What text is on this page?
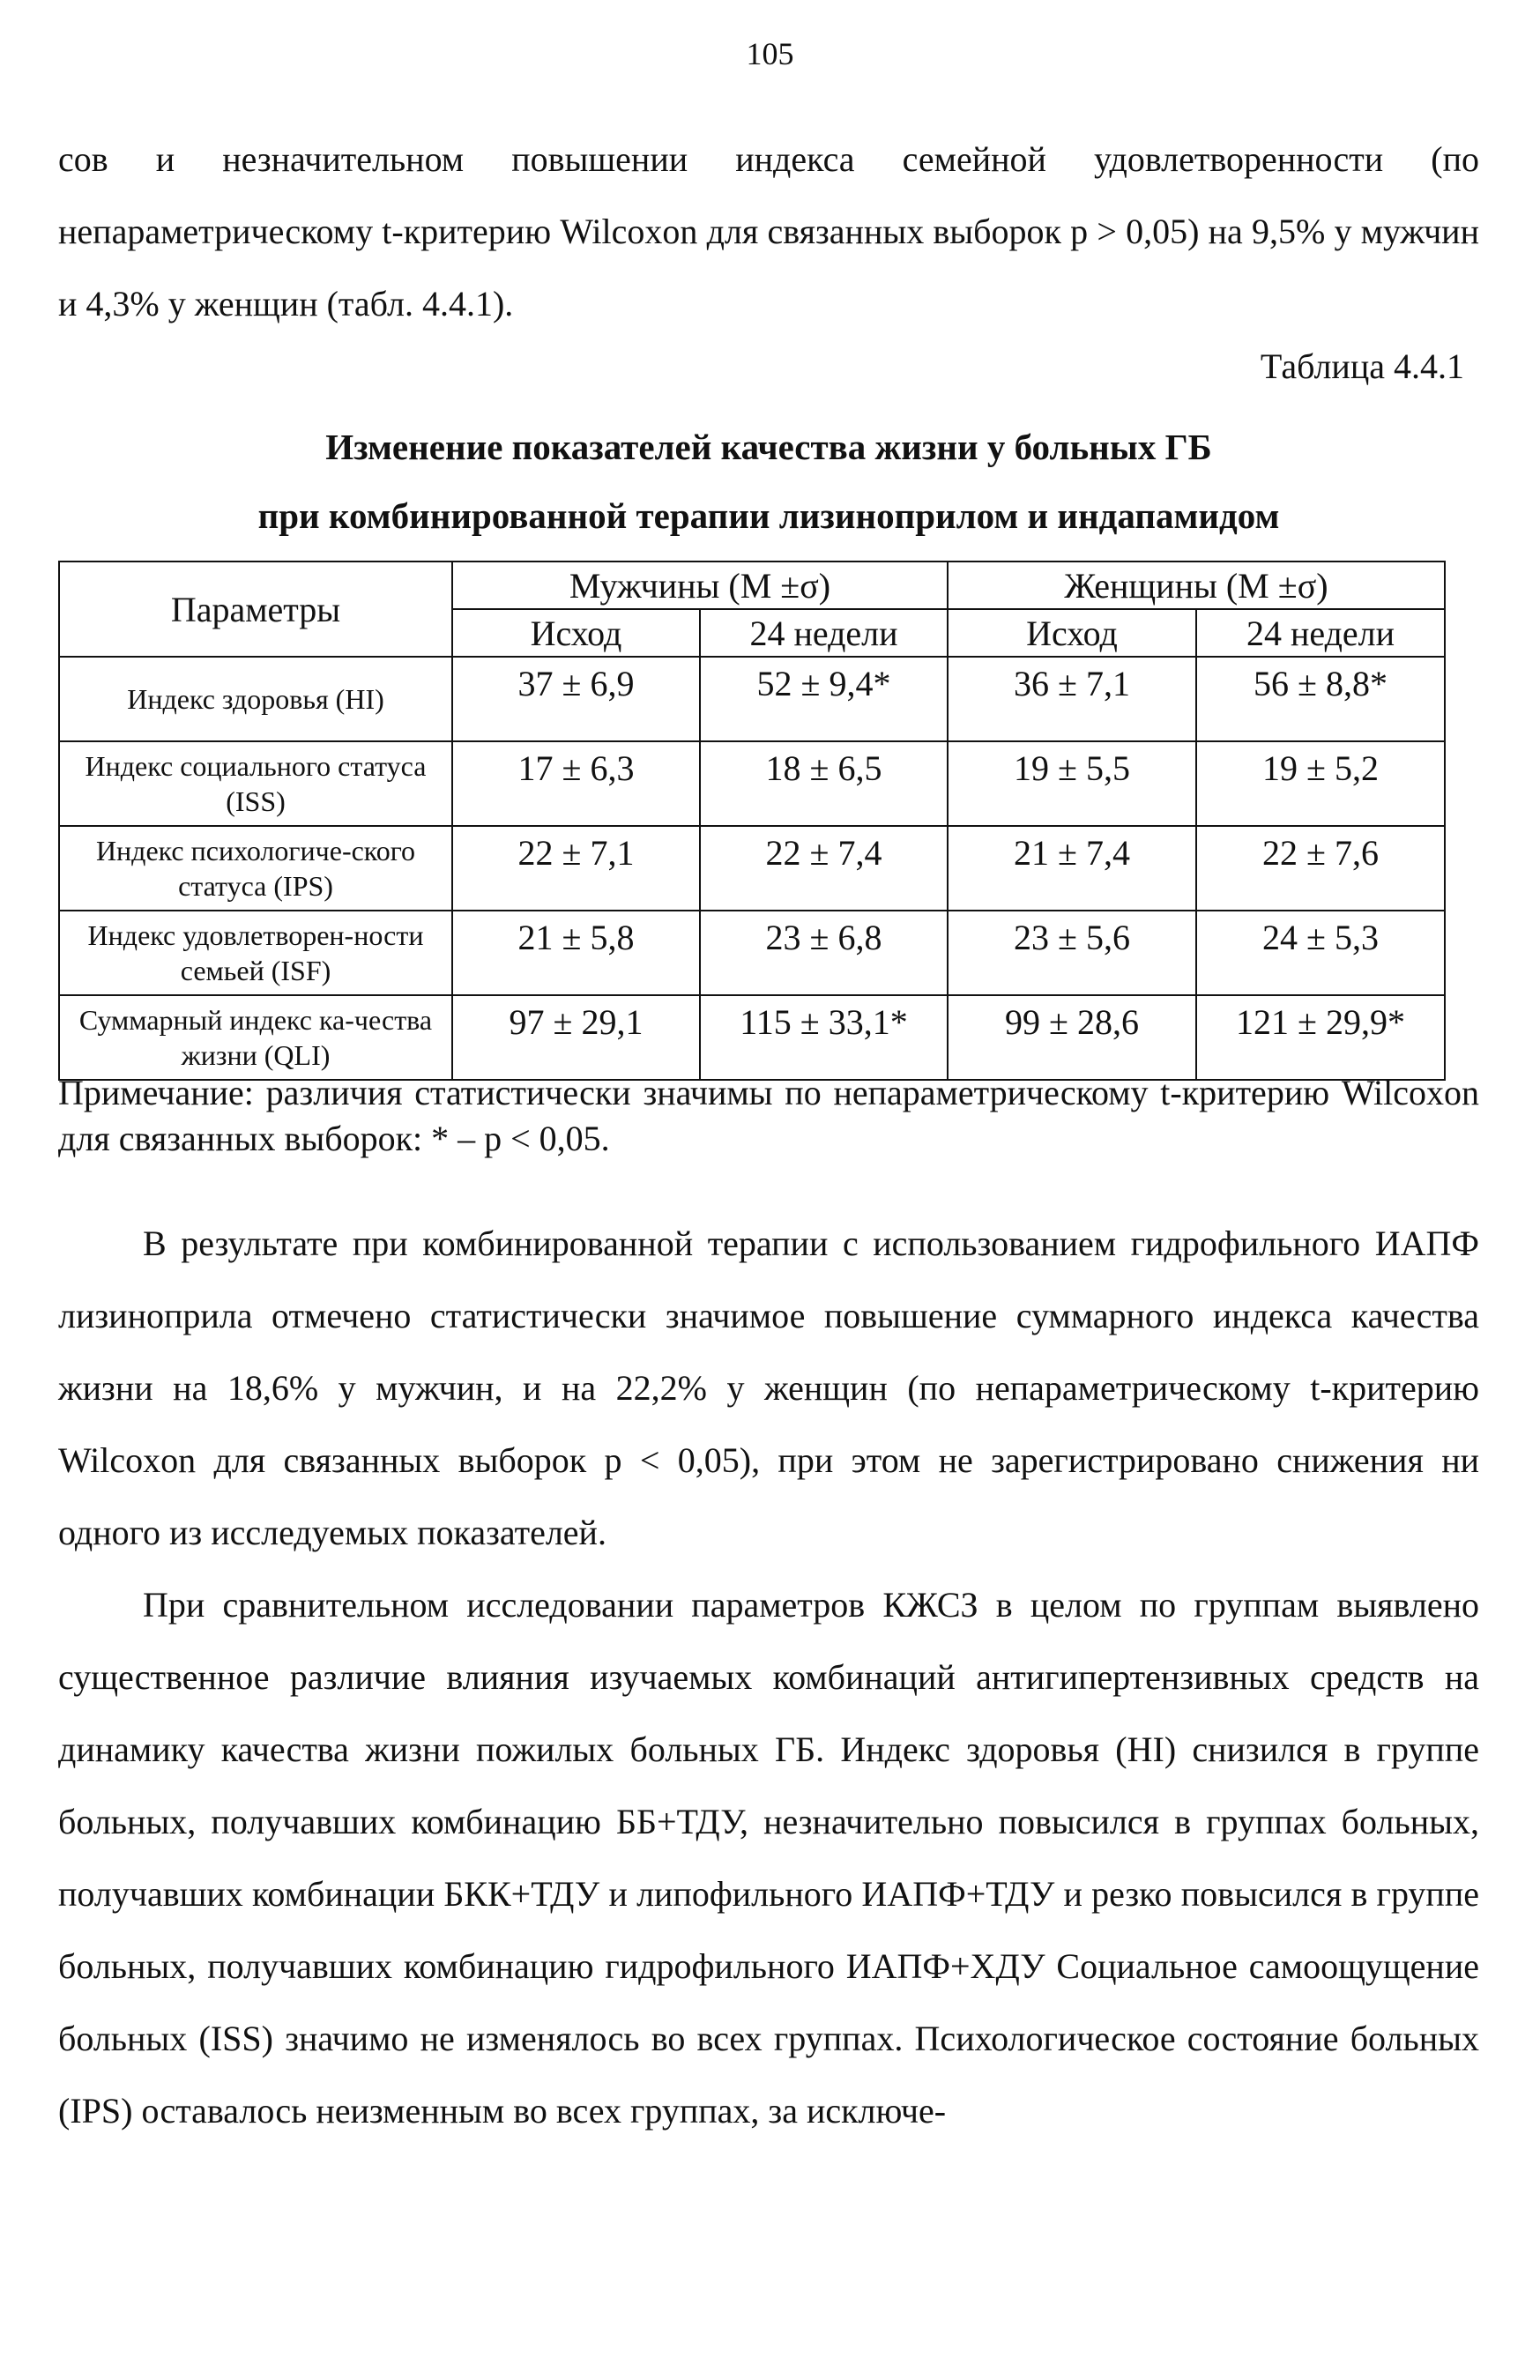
105

сов и незначительном повышении индекса семейной удовлетворенности (по непараметрическому t-критерию Wilcoxon для связанных выборок p > 0,05) на 9,5% у мужчин и 4,3% у женщин (табл. 4.4.1).

Таблица 4.4.1
Изменение показателей качества жизни у больных ГБ
при комбинированной терапии лизиноприлом и индапамидом
Параметры	Мужчины (М ±σ)		Женщины (М ±σ)	
	Исход	24 недели	Исход	24 недели
Индекс здоровья (HI)	37 ± 6,9	52 ± 9,4*	36 ± 7,1	56 ± 8,8*
Индекс социального статуса (ISS)	17 ± 6,3	18 ± 6,5	19 ± 5,5	19 ± 5,2
Индекс психологиче-ского статуса (IPS)	22 ± 7,1	22 ± 7,4	21 ± 7,4	22 ± 7,6
Индекс удовлетворен-ности семьей (ISF)	21 ± 5,8	23 ± 6,8	23 ± 5,6	24 ± 5,3
Суммарный индекс ка-чества жизни (QLI)	97 ± 29,1	115 ± 33,1*	99 ± 28,6	121 ± 29,9*

Примечание: различия статистически значимы по непараметрическому t-критерию Wilcoxon для связанных выборок: * – p < 0,05.

В результате при комбинированной терапии с использованием гидрофильного ИАПФ лизиноприла отмечено статистически значимое повышение суммарного индекса качества жизни на 18,6% у мужчин, и на 22,2% у женщин (по непараметрическому t-критерию Wilcoxon для связанных выборок p < 0,05), при этом не зарегистрировано снижения ни одного из исследуемых показателей.

При сравнительном исследовании параметров КЖСЗ в целом по группам выявлено существенное различие влияния изучаемых комбинаций антигипертензивных средств на динамику качества жизни пожилых больных ГБ. Индекс здоровья (HI) снизился в группе больных, получавших комбинацию ББ+ТДУ, незначительно повысился в группах больных, получавших комбинации БКК+ТДУ и липофильного ИАПФ+ТДУ и резко повысился в группе больных, получавших комбинацию гидрофильного ИАПФ+ХДУ Социальное самоощущение больных (ISS) значимо не изменялось во всех группах. Психологическое состояние больных (IPS) оставалось неизменным во всех группах, за исключе-
